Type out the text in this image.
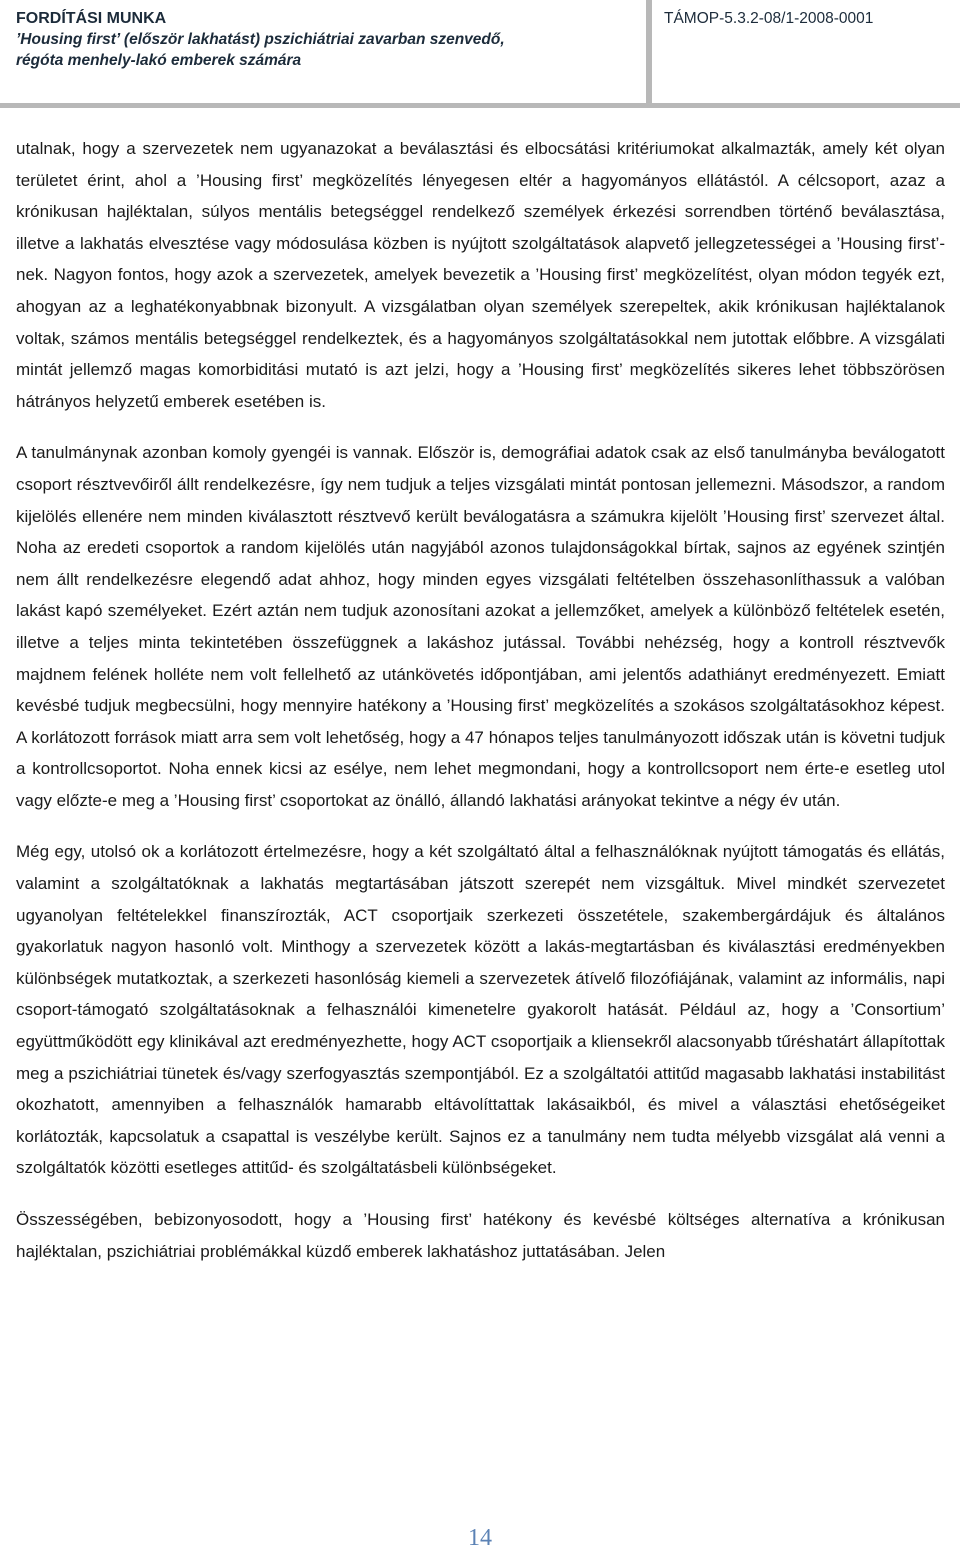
FORDÍTÁSI MUNKA
’Housing first’ (először lakhatást) pszichiátriai zavarban szenvedő,
régóta menhely-lakó emberek számára
TÁMOP-5.3.2-08/1-2008-0001

utalnak, hogy a szervezetek nem ugyanazokat a beválasztási és elbocsátási kritériumokat alkalmazták, amely két olyan területet érint, ahol a ’Housing first’ megközelítés lényegesen eltér a hagyományos ellátástól. A célcsoport, azaz a krónikusan hajléktalan, súlyos mentális betegséggel rendelkező személyek érkezési sorrendben történő beválasztása, illetve a lakhatás elvesztése vagy módosulása közben is nyújtott szolgáltatások alapvető jellegzetességei a ’Housing first’-nek. Nagyon fontos, hogy azok a szervezetek, amelyek bevezetik a ’Housing first’ megközelítést, olyan módon tegyék ezt, ahogyan az a leghatékonyabbnak bizonyult. A vizsgálatban olyan személyek szerepeltek, akik krónikusan hajléktalanok voltak, számos mentális betegséggel rendelkeztek, és a hagyományos szolgáltatásokkal nem jutottak előbbre. A vizsgálati mintát jellemző magas komorbiditási mutató is azt jelzi, hogy a ’Housing first’ megközelítés sikeres lehet többszörösen hátrányos helyzetű emberek esetében is.

A tanulmánynak azonban komoly gyengéi is vannak. Először is, demográfiai adatok csak az első tanulmányba beválogatott csoport résztvevőiről állt rendelkezésre, így nem tudjuk a teljes vizsgálati mintát pontosan jellemezni. Másodszor, a random kijelölés ellenére nem minden kiválasztott résztvevő került beválogatásra a számukra kijelölt ’Housing first’ szervezet által. Noha az eredeti csoportok a random kijelölés után nagyjából azonos tulajdonságokkal bírtak, sajnos az egyének szintjén nem állt rendelkezésre elegendő adat ahhoz, hogy minden egyes vizsgálati feltételben összehasonlíthassuk a valóban lakást kapó személyeket. Ezért aztán nem tudjuk azonosítani azokat a jellemzőket, amelyek a különböző feltételek esetén, illetve a teljes minta tekintetében összefüggnek a lakáshoz jutással. További nehézség, hogy a kontroll résztvevők majdnem felének holléte nem volt fellelhető az utánkövetés időpontjában, ami jelentős adathiányt eredményezett. Emiatt kevésbé tudjuk megbecsülni, hogy mennyire hatékony a ’Housing first’ megközelítés a szokásos szolgáltatásokhoz képest. A korlátozott források miatt arra sem volt lehetőség, hogy a 47 hónapos teljes tanulmányozott időszak után is követni tudjuk a kontrollcsoportot. Noha ennek kicsi az esélye, nem lehet megmondani, hogy a kontrollcsoport nem érte-e esetleg utol vagy előzte-e meg a ’Housing first’ csoportokat az önálló, állandó lakhatási arányokat tekintve a négy év után.

Még egy, utolsó ok a korlátozott értelmezésre, hogy a két szolgáltató által a felhasználóknak nyújtott támogatás és ellátás, valamint a szolgáltatóknak a lakhatás megtartásában játszott szerepét nem vizsgáltuk. Mivel mindkét szervezetet ugyanolyan feltételekkel finanszírozták, ACT csoportjaik szerkezeti összetétele, szakembergárdájuk és általános gyakorlatuk nagyon hasonló volt. Minthogy a szervezetek között a lakás-megtartásban és kiválasztási eredményekben különbségek mutatkoztak, a szerkezeti hasonlóság kiemeli a szervezetek átívelő filozófiájának, valamint az informális, napi csoport-támogató szolgáltatásoknak a felhasználói kimenetelre gyakorolt hatását. Például az, hogy a ’Consortium’ együttműködött egy klinikával azt eredményezhette, hogy ACT csoportjaik a kliensekről alacsonyabb tűréshatárt állapítottak meg a pszichiátriai tünetek és/vagy szerfogyasztás szempontjából. Ez a szolgáltatói attitűd magasabb lakhatási instabilitást okozhatott, amennyiben a felhasználók hamarabb eltávolíttattak lakásaikból, és mivel a választási ehetőségeiket korlátozták, kapcsolatuk a csapattal is veszélybe került. Sajnos ez a tanulmány nem tudta mélyebb vizsgálat alá venni a szolgáltatók közötti esetleges attitűd- és szolgáltatásbeli különbségeket.

Összességében, bebizonyosodott, hogy a ’Housing first’ hatékony és kevésbé költséges alternatíva a krónikusan hajléktalan, pszichiátriai problémákkal küzdő emberek lakhatáshoz juttatásában. Jelen

14
